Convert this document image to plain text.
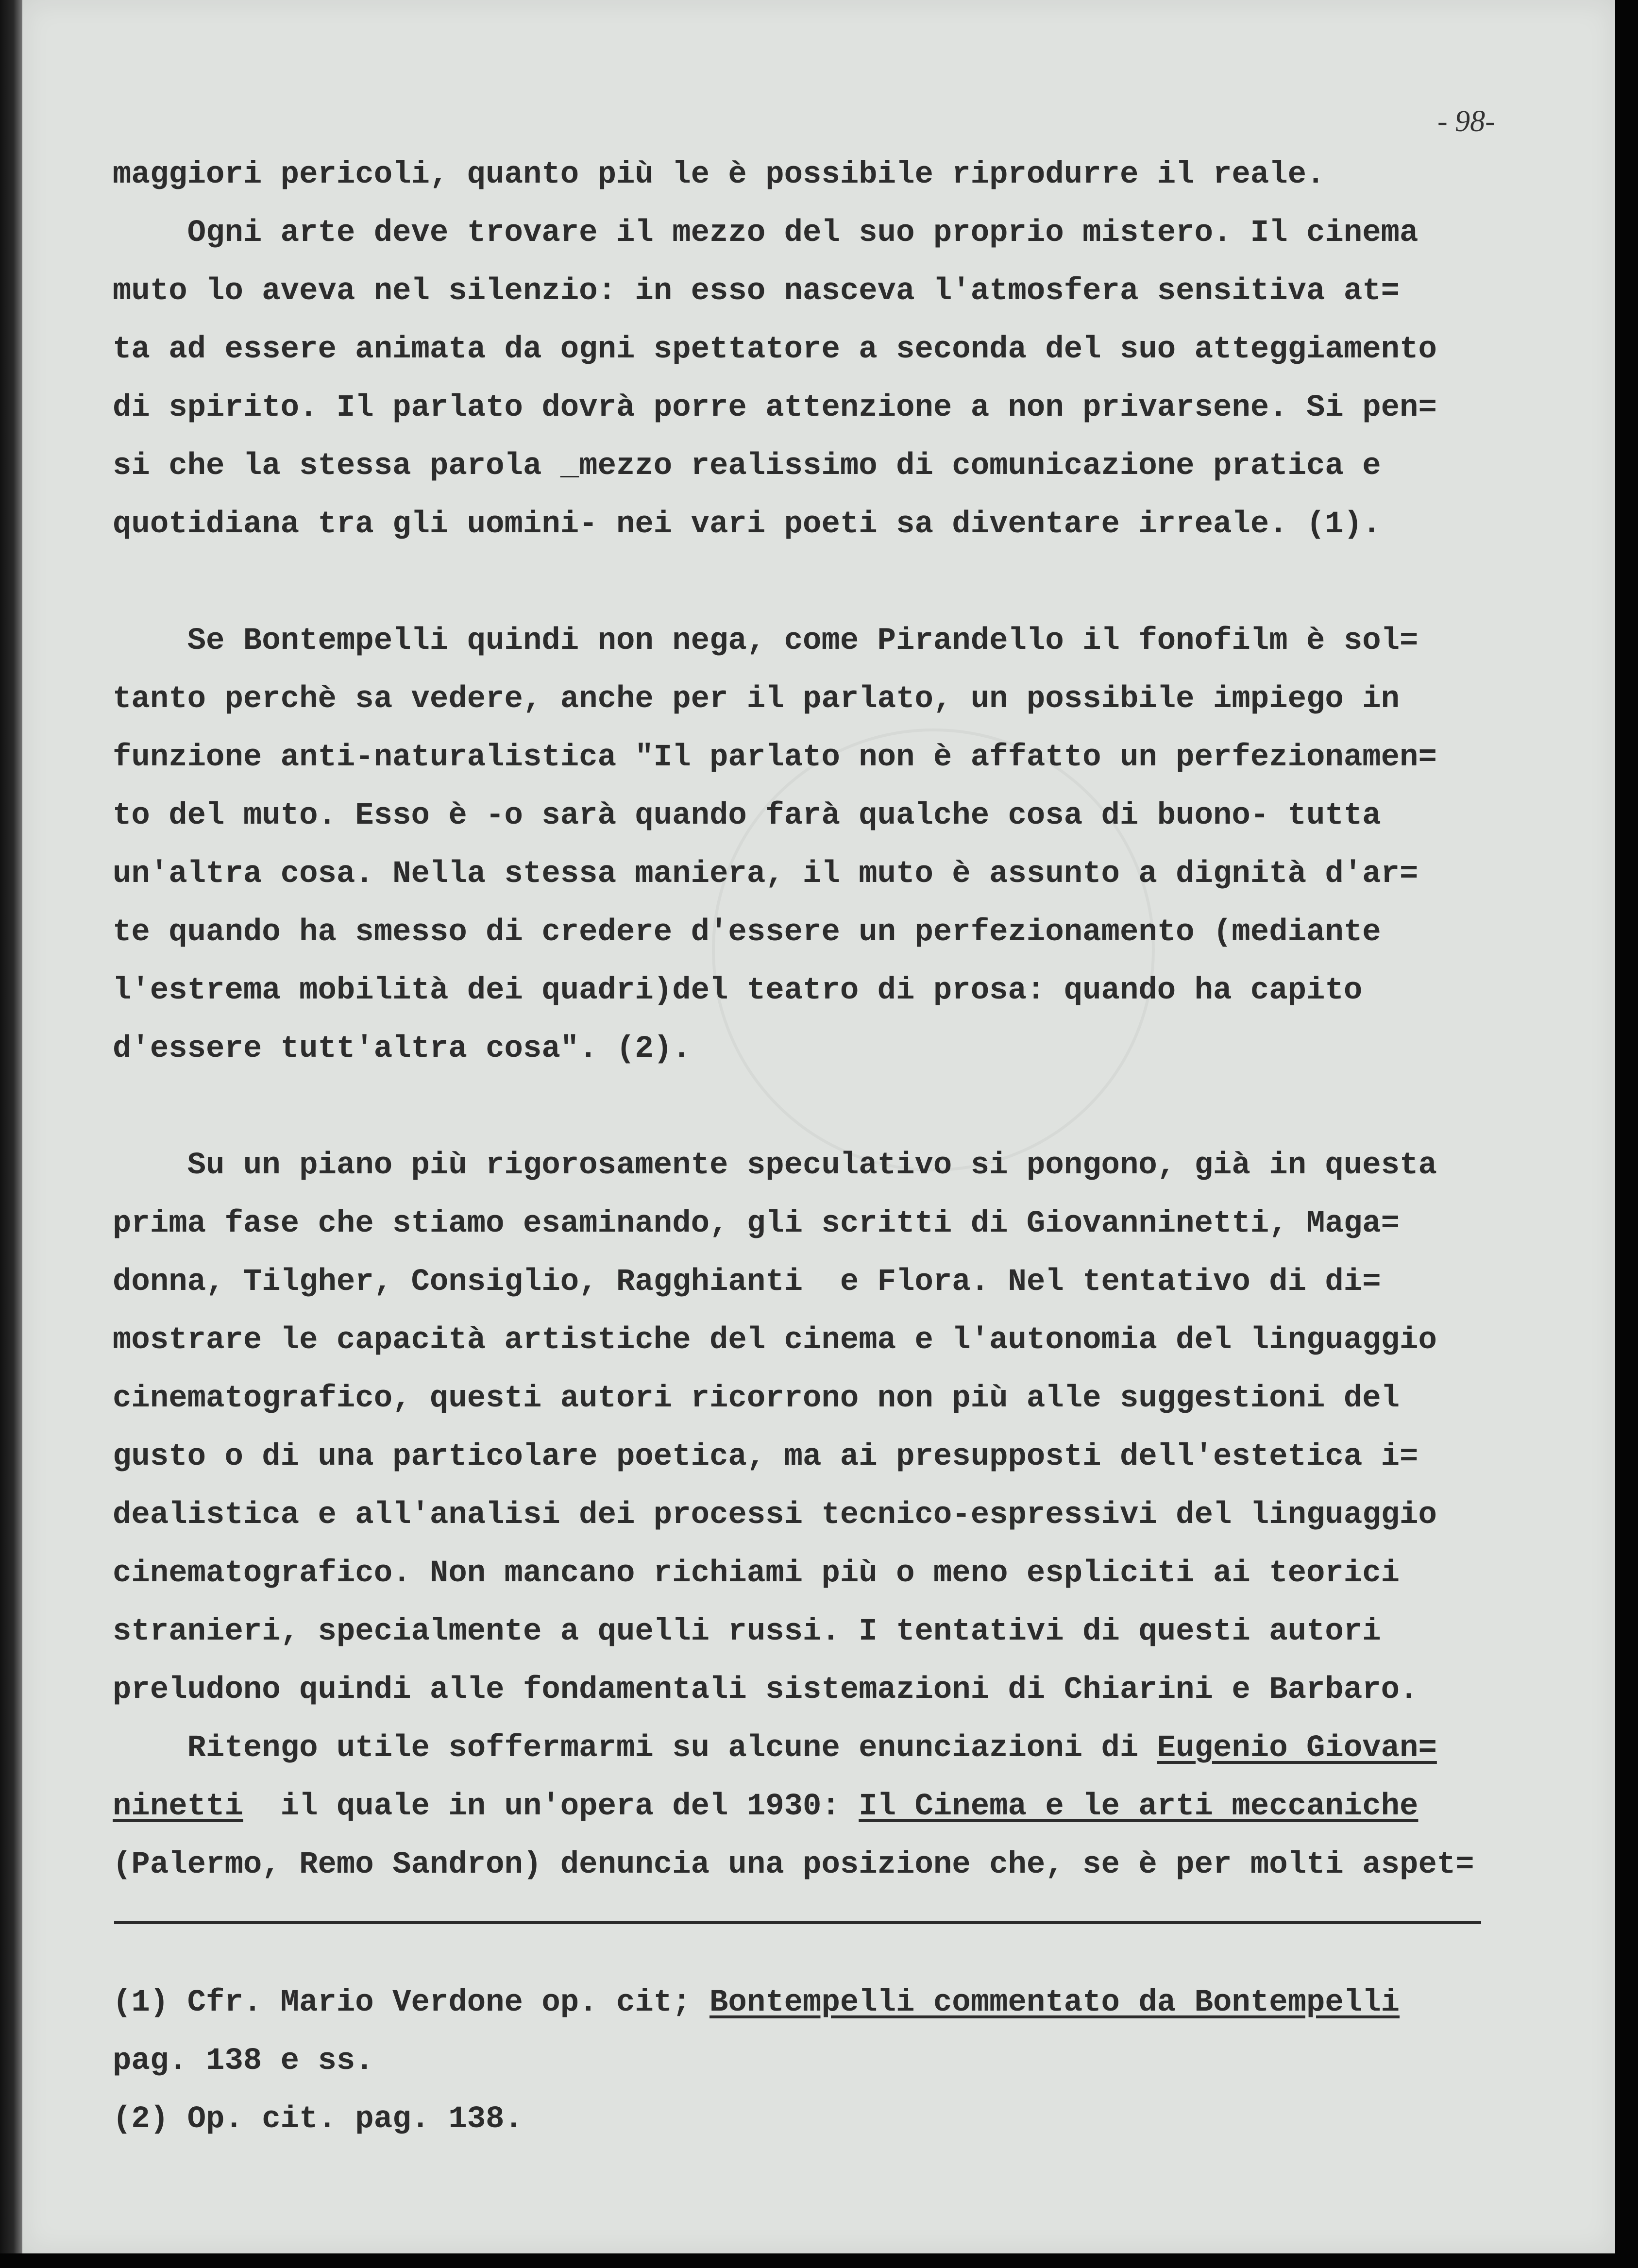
- 98-
maggiori pericoli, quanto più le è possibile riprodurre il reale.
Ogni arte deve trovare il mezzo del suo proprio mistero. Il cinema
muto lo aveva nel silenzio: in esso nasceva l'atmosfera sensitiva at=
ta ad essere animata da ogni spettatore a seconda del suo atteggiamento
di spirito. Il parlato dovrà porre attenzione a non privarsene. Si pen=
si che la stessa parola _mezzo realissimo di comunicazione pratica e
quotidiana tra gli uomini- nei vari poeti sa diventare irreale. (1).
Se Bontempelli quindi non nega, come Pirandello il fonofilm è sol=
tanto perchè sa vedere, anche per il parlato, un possibile impiego in
funzione anti-naturalistica "Il parlato non è affatto un perfezionamen=
to del muto. Esso è -o sarà quando farà qualche cosa di buono- tutta
un'altra cosa. Nella stessa maniera, il muto è assunto a dignità d'ar=
te quando ha smesso di credere d'essere un perfezionamento (mediante
l'estrema mobilità dei quadri)del teatro di prosa: quando ha capito
d'essere tutt'altra cosa". (2).
Su un piano più rigorosamente speculativo si pongono, già in questa
prima fase che stiamo esaminando, gli scritti di Giovanninetti, Maga=
donna, Tilgher, Consiglio, Ragghianti  e Flora. Nel tentativo di di=
mostrare le capacità artistiche del cinema e l'autonomia del linguaggio
cinematografico, questi autori ricorrono non più alle suggestioni del
gusto o di una particolare poetica, ma ai presupposti dell'estetica i=
dealistica e all'analisi dei processi tecnico-espressivi del linguaggio
cinematografico. Non mancano richiami più o meno espliciti ai teorici
stranieri, specialmente a quelli russi. I tentativi di questi autori
preludono quindi alle fondamentali sistemazioni di Chiarini e Barbaro.
Ritengo utile soffermarmi su alcune enunciazioni di Eugenio Giovan=
ninetti  il quale in un'opera del 1930: Il Cinema e le arti meccaniche
(Palermo, Remo Sandron) denuncia una posizione che, se è per molti aspet=
(1) Cfr. Mario Verdone op. cit; Bontempelli commentato da Bontempelli
pag. 138 e ss.
(2) Op. cit. pag. 138.
